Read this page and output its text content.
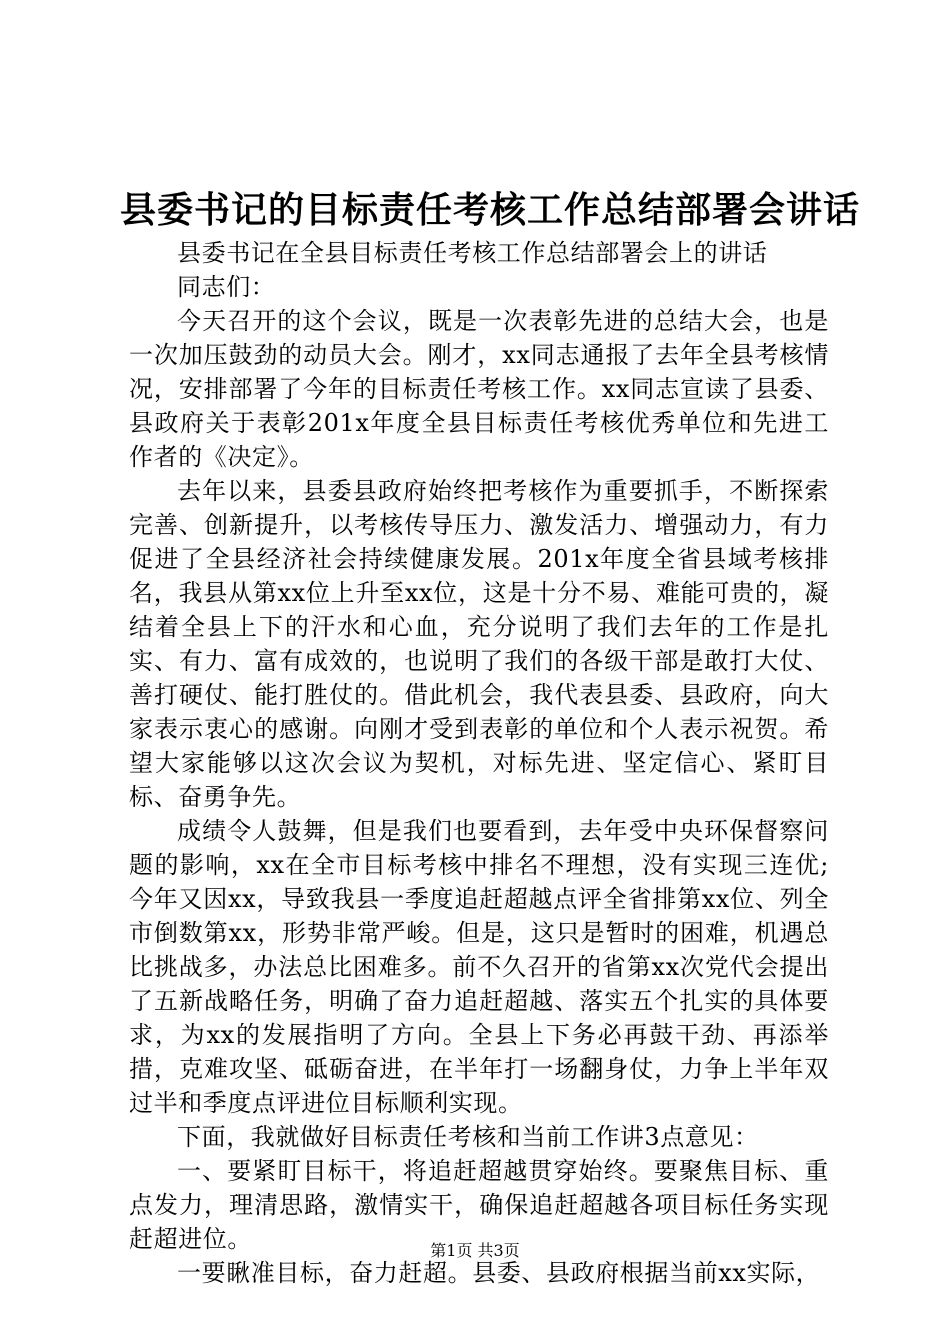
县委书记的目标责任考核工作总结部署会讲话

县委书记在全县目标责任考核工作总结部署会上的讲话

同志们：

今天召开的这个会议，既是一次表彰先进的总结大会，也是一次加压鼓劲的动员大会。刚才，xx同志通报了去年全县考核情况，安排部署了今年的目标责任考核工作。xx同志宣读了县委、县政府关于表彰201x年度全县目标责任考核优秀单位和先进工作者的《决定》。

去年以来，县委县政府始终把考核作为重要抓手，不断探索完善、创新提升，以考核传导压力、激发活力、增强动力，有力促进了全县经济社会持续健康发展。201x年度全省县域考核排名，我县从第xx位上升至xx位，这是十分不易、难能可贵的，凝结着全县上下的汗水和心血，充分说明了我们去年的工作是扎实、有力、富有成效的，也说明了我们的各级干部是敢打大仗、善打硬仗、能打胜仗的。借此机会，我代表县委、县政府，向大家表示衷心的感谢。向刚才受到表彰的单位和个人表示祝贺。希望大家能够以这次会议为契机，对标先进、坚定信心、紧盯目标、奋勇争先。

成绩令人鼓舞，但是我们也要看到，去年受中央环保督察问题的影响，xx在全市目标考核中排名不理想，没有实现三连优;今年又因xx，导致我县一季度追赶超越点评全省排第xx位、列全市倒数第xx，形势非常严峻。但是，这只是暂时的困难，机遇总比挑战多，办法总比困难多。前不久召开的省第xx次党代会提出了五新战略任务，明确了奋力追赶超越、落实五个扎实的具体要求，为xx的发展指明了方向。全县上下务必再鼓干劲、再添举措，克难攻坚、砥砺奋进，在半年打一场翻身仗，力争上半年双过半和季度点评进位目标顺利实现。

下面，我就做好目标责任考核和当前工作讲3点意见：

一、要紧盯目标干，将追赶超越贯穿始终。要聚焦目标、重点发力，理清思路，激情实干，确保追赶超越各项目标任务实现赶超进位。

一要瞅准目标，奋力赶超。县委、县政府根据当前xx实际，

第1页 共3页
